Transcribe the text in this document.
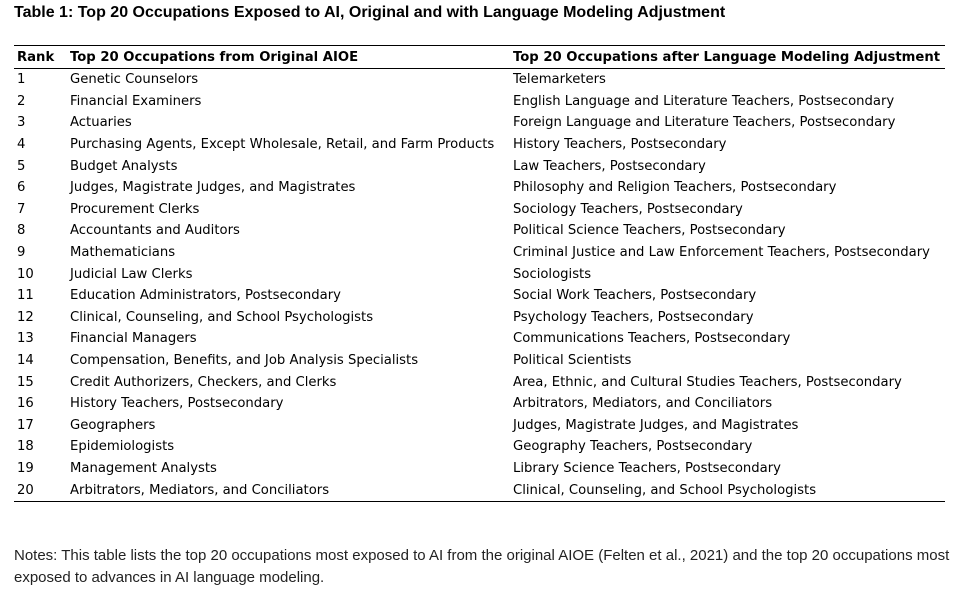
Table 1: Top 20 Occupations Exposed to AI, Original and with Language Modeling Adjustment
Rank	Top 20 Occupations from Original AIOE	Top 20 Occupations after Language Modeling Adjustment
1	Genetic Counselors	Telemarketers
2	Financial Examiners	English Language and Literature Teachers, Postsecondary
3	Actuaries	Foreign Language and Literature Teachers, Postsecondary
4	Purchasing Agents, Except Wholesale, Retail, and Farm Products	History Teachers, Postsecondary
5	Budget Analysts	Law Teachers, Postsecondary
6	Judges, Magistrate Judges, and Magistrates	Philosophy and Religion Teachers, Postsecondary
7	Procurement Clerks	Sociology Teachers, Postsecondary
8	Accountants and Auditors	Political Science Teachers, Postsecondary
9	Mathematicians	Criminal Justice and Law Enforcement Teachers, Postsecondary
10	Judicial Law Clerks	Sociologists
11	Education Administrators, Postsecondary	Social Work Teachers, Postsecondary
12	Clinical, Counseling, and School Psychologists	Psychology Teachers, Postsecondary
13	Financial Managers	Communications Teachers, Postsecondary
14	Compensation, Benefits, and Job Analysis Specialists	Political Scientists
15	Credit Authorizers, Checkers, and Clerks	Area, Ethnic, and Cultural Studies Teachers, Postsecondary
16	History Teachers, Postsecondary	Arbitrators, Mediators, and Conciliators
17	Geographers	Judges, Magistrate Judges, and Magistrates
18	Epidemiologists	Geography Teachers, Postsecondary
19	Management Analysts	Library Science Teachers, Postsecondary
20	Arbitrators, Mediators, and Conciliators	Clinical, Counseling, and School Psychologists

Notes: This table lists the top 20 occupations most exposed to AI from the original AIOE (Felten et al., 2021) and the top 20 occupations most exposed to advances in AI language modeling.
